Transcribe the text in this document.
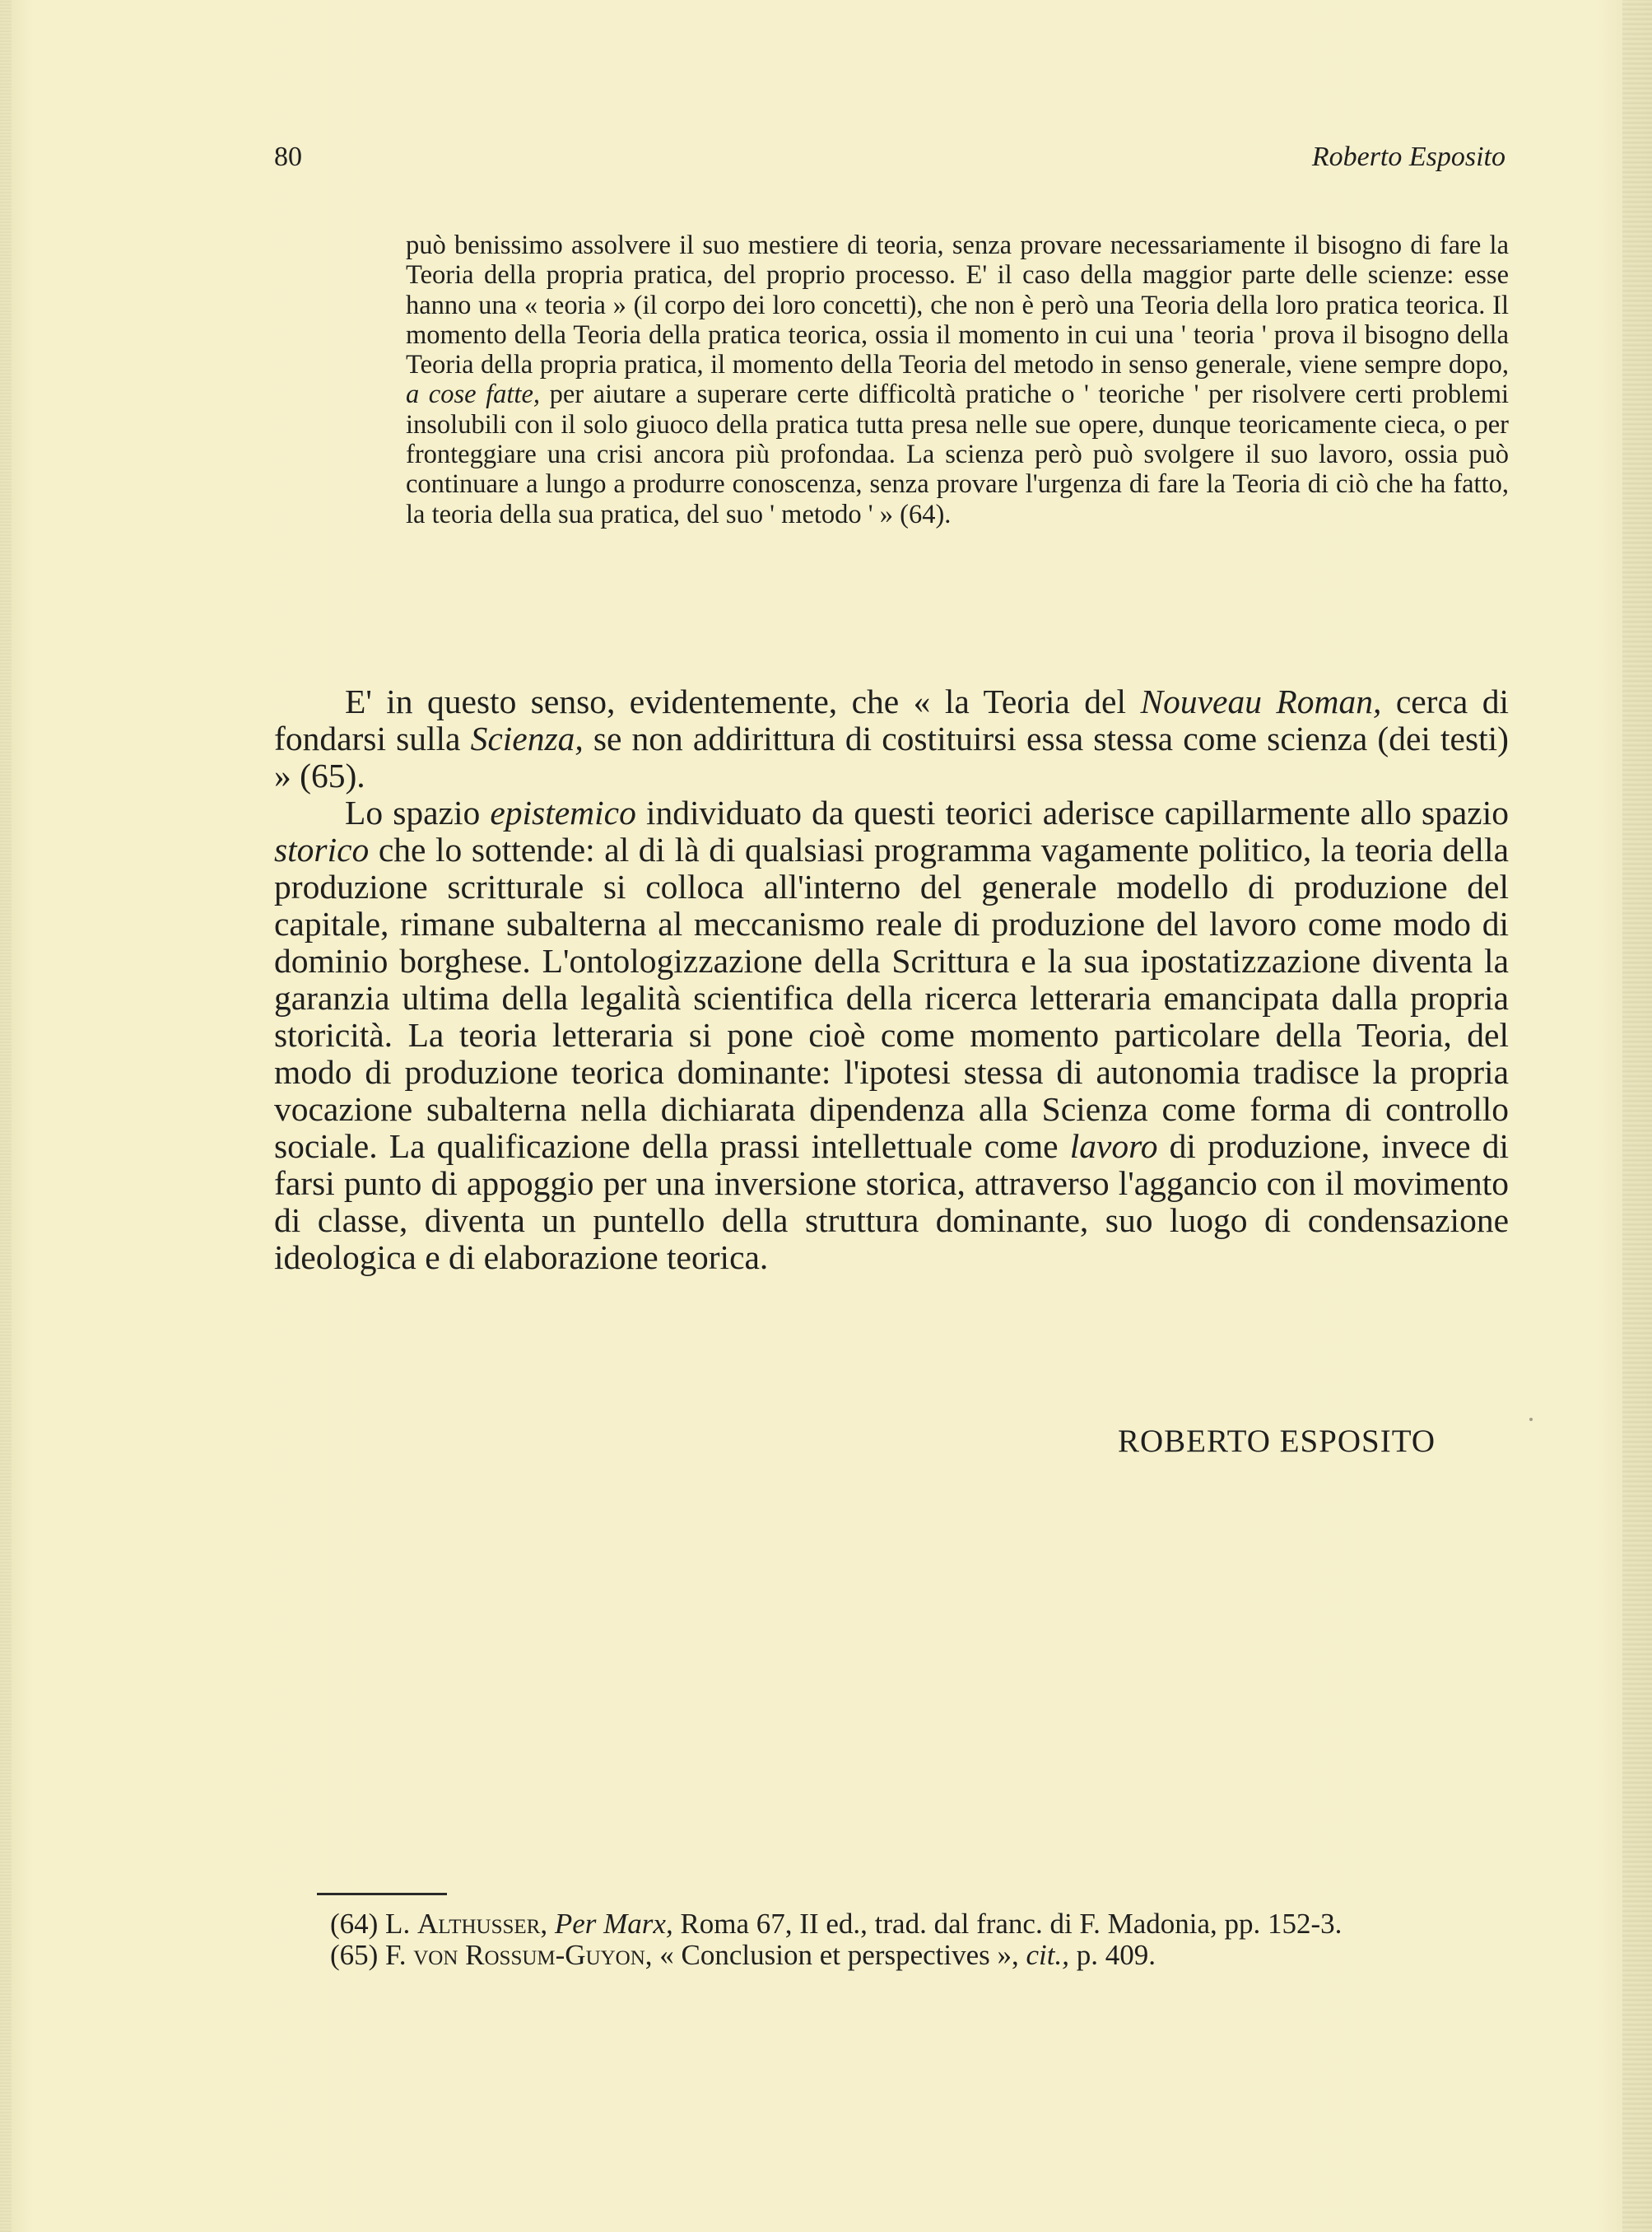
80	Roberto Esposito

può benissimo assolvere il suo mestiere di teoria, senza provare necessariamente il bisogno di fare la Teoria della propria pratica, del proprio processo. E' il caso della maggior parte delle scienze: esse hanno una « teoria » (il corpo dei loro concetti), che non è però una Teoria della loro pratica teorica. Il momento della Teoria della pratica teorica, ossia il momento in cui una ' teoria ' prova il bisogno della Teoria della propria pratica, il momento della Teoria del metodo in senso generale, viene sempre dopo, a cose fatte, per aiutare a superare certe difficoltà pratiche o ' teoriche ' per risolvere certi problemi insolubili con il solo giuoco della pratica tutta presa nelle sue opere, dunque teoricamente cieca, o per fronteggiare una crisi ancora più profondaa. La scienza però può svolgere il suo lavoro, ossia può continuare a lungo a produrre conoscenza, senza provare l'urgenza di fare la Teoria di ciò che ha fatto, la teoria della sua pratica, del suo ' metodo ' » (64).

E' in questo senso, evidentemente, che « la Teoria del Nouveau Roman, cerca di fondarsi sulla Scienza, se non addirittura di costituirsi essa stessa come scienza (dei testi) » (65).

Lo spazio epistemico individuato da questi teorici aderisce capillarmente allo spazio storico che lo sottende: al di là di qualsiasi programma vagamente politico, la teoria della produzione scritturale si colloca all'interno del generale modello di produzione del capitale, rimane subalterna al meccanismo reale di produzione del lavoro come modo di dominio borghese. L'ontologizzazione della Scrittura e la sua ipostatizzazione diventa la garanzia ultima della legalità scientifica della ricerca letteraria emancipata dalla propria storicità. La teoria letteraria si pone cioè come momento particolare della Teoria, del modo di produzione teorica dominante: l'ipotesi stessa di autonomia tradisce la propria vocazione subalterna nella dichiarata dipendenza alla Scienza come forma di controllo sociale. La qualificazione della prassi intellettuale come lavoro di produzione, invece di farsi punto di appoggio per una inversione storica, attraverso l'aggancio con il movimento di classe, diventa un puntello della struttura dominante, suo luogo di condensazione ideologica e di elaborazione teorica.

ROBERTO ESPOSITO

(64) L. Althusser, Per Marx, Roma 67, II ed., trad. dal franc. di F. Madonia, pp. 152-3.

(65) F. von Rossum-Guyon, « Conclusion et perspectives », cit., p. 409.
